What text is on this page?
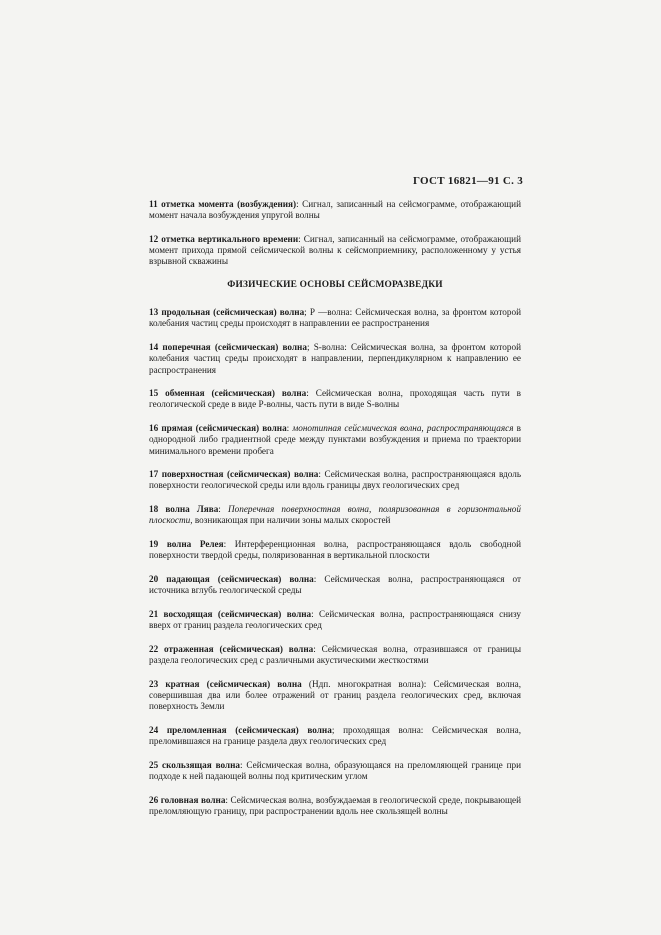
ГОСТ 16821—91 С. 3

11 отметка момента (возбуждения): Сигнал, записанный на сейсмограмме, отображающий момент начала возбуждения упругой волны

12 отметка вертикального времени: Сигнал, записанный на сейсмограмме, отображающий момент прихода прямой сейсмической волны к сейсмоприемнику, расположенному у устья взрывной скважины

ФИЗИЧЕСКИЕ ОСНОВЫ СЕЙСМОРАЗВЕДКИ

13 продольная (сейсмическая) волна; Р —волна: Сейсмическая волна, за фронтом которой колебания частиц среды происходят в направлении ее распространения

14 поперечная (сейсмическая) волна; S-волна: Сейсмическая волна, за фронтом которой колебания частиц среды происходят в направлении, перпендикулярном к направлению ее распространения

15 обменная (сейсмическая) волна: Сейсмическая волна, проходящая часть пути в геологической среде в виде Р-волны, часть пути в виде S-волны

16 прямая (сейсмическая) волна: монотипная сейсмическая волна, распространяющаяся в однородной либо градиентной среде между пунктами возбуждения и приема по траектории минимального времени пробега

17 поверхностная (сейсмическая) волна: Сейсмическая волна, распространяющаяся вдоль поверхности геологической среды или вдоль границы двух геологических сред

18 волна Лява: Поперечная поверхностная волна, поляризованная в горизонтальной плоскости, возникающая при наличии зоны малых скоростей

19 волна Релея: Интерференционная волна, распространяющаяся вдоль свободной поверхности твердой среды, поляризованная в вертикальной плоскости

20 падающая (сейсмическая) волна: Сейсмическая волна, распространяющаяся от источника вглубь геологической среды

21 восходящая (сейсмическая) волна: Сейсмическая волна, распространяющаяся снизу вверх от границ раздела геологических сред

22 отраженная (сейсмическая) волна: Сейсмическая волна, отразившаяся от границы раздела геологических сред с различными акустическими жесткостями

23 кратная (сейсмическая) волна (Ндп. многократная волна): Сейсмическая волна, совершившая два или более отражений от границ раздела геологических сред, включая поверхность Земли

24 преломленная (сейсмическая) волна; проходящая волна: Сейсмическая волна, преломившаяся на границе раздела двух геологических сред

25 скользящая волна: Сейсмическая волна, образующаяся на преломляющей границе при подходе к ней падающей волны под критическим углом

26 головная волна: Сейсмическая волна, возбуждаемая в геологической среде, покрывающей преломляющую границу, при распространении вдоль нее скользящей волны
